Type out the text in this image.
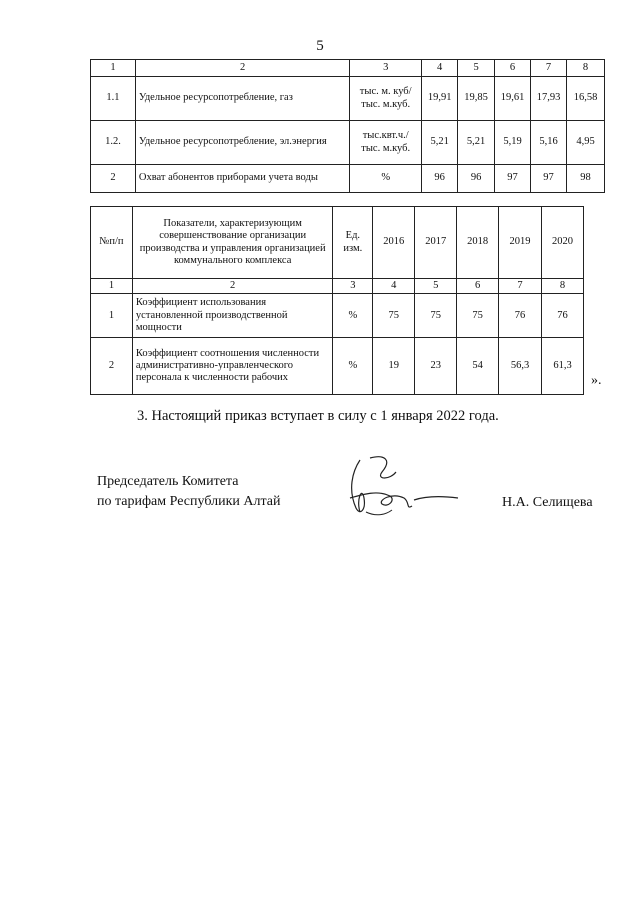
5
1	2	3	4	5	6	7	8
1.1	Удельное ресурсопотребление, газ	тыс. м. куб/тыс. м.куб.	19,91	19,85	19,61	17,93	16,58
1.2.	Удельное ресурсопотребление, эл.энергия	тыс.квт.ч./ тыс. м.куб.	5,21	5,21	5,19	5,16	4,95
2	Охват абонентов приборами учета воды	%	96	96	97	97	98
№п/п	Показатели, характеризующим совершенствование организации производства и управления организацией коммунального комплекса	Ед. изм.	2016	2017	2018	2019	2020
1	2	3	4	5	6	7	8
1	Коэффициент использования установленной производственной мощности	%	75	75	75	76	76
2	Коэффициент соотношения численности административно-управленческого персонала к численности рабочих	%	19	23	54	56,3	61,3
».
3. Настоящий приказ вступает в силу с 1 января 2022 года.
Председатель Комитета
по тарифам Республики Алтай	Н.А. Селищева
